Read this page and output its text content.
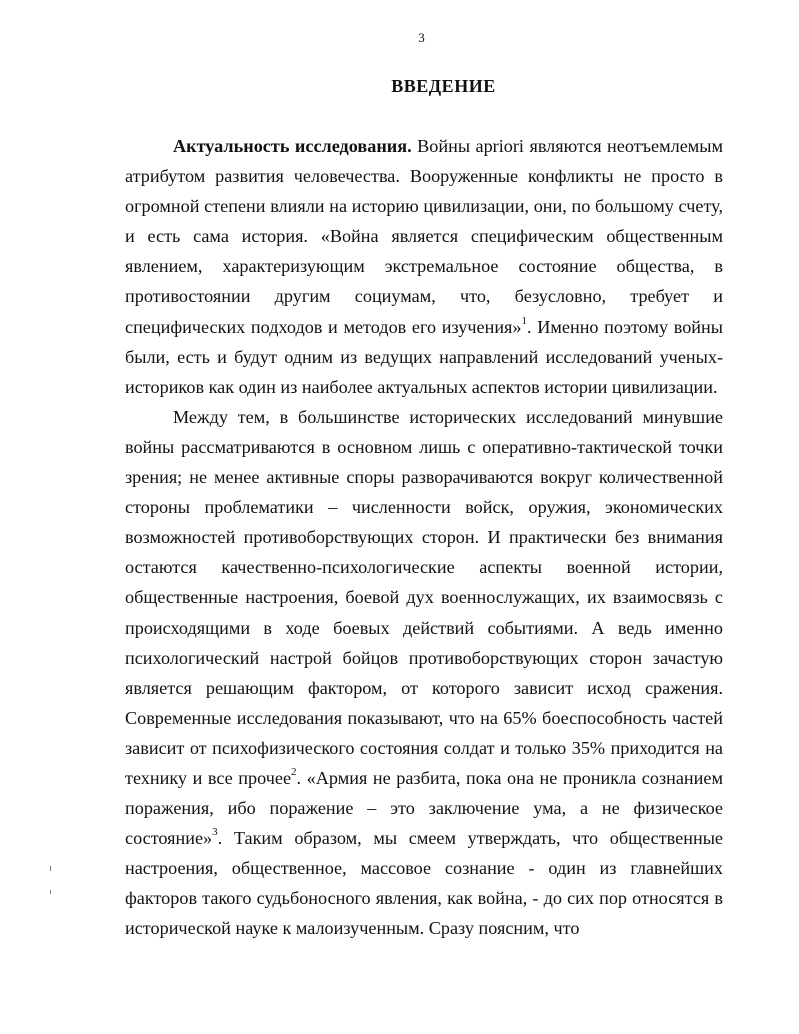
3
ВВЕДЕНИЕ

Актуальность исследования. Войны apriori являются неотъемлемым атрибутом развития человечества. Вооруженные конфликты не просто в огромной степени влияли на историю цивилизации, они, по большому счету, и есть сама история. «Война является специфическим общественным явлением, характеризующим экстремальное состояние общества, в противостоянии другим социумам, что, безусловно, требует и специфических подходов и методов его изучения»$^1$. Именно поэтому войны были, есть и будут одним из ведущих направлений исследований ученых-историков как один из наиболее актуальных аспектов истории цивилизации.

Между тем, в большинстве исторических исследований минувшие войны рассматриваются в основном лишь с оперативно-тактической точки зрения; не менее активные споры разворачиваются вокруг количественной стороны проблематики – численности войск, оружия, экономических возможностей противоборствующих сторон. И практически без внимания остаются качественно-психологические аспекты военной истории, общественные настроения, боевой дух военнослужащих, их взаимосвязь с происходящими в ходе боевых действий событиями. А ведь именно психологический настрой бойцов противоборствующих сторон зачастую является решающим фактором, от которого зависит исход сражения. Современные исследования показывают, что на 65% боеспособность частей зависит от психофизического состояния солдат и только 35% приходится на технику и все прочее$^2$. «Армия не разбита, пока она не проникла сознанием поражения, ибо поражение – это заключение ума, а не физическое состояние»$^3$. Таким образом, мы смеем утверждать, что общественные настроения, общественное, массовое сознание - один из главнейших факторов такого судьбоносного явления, как война, - до сих пор относятся в исторической науке к малоизученным. Сразу поясним, что
